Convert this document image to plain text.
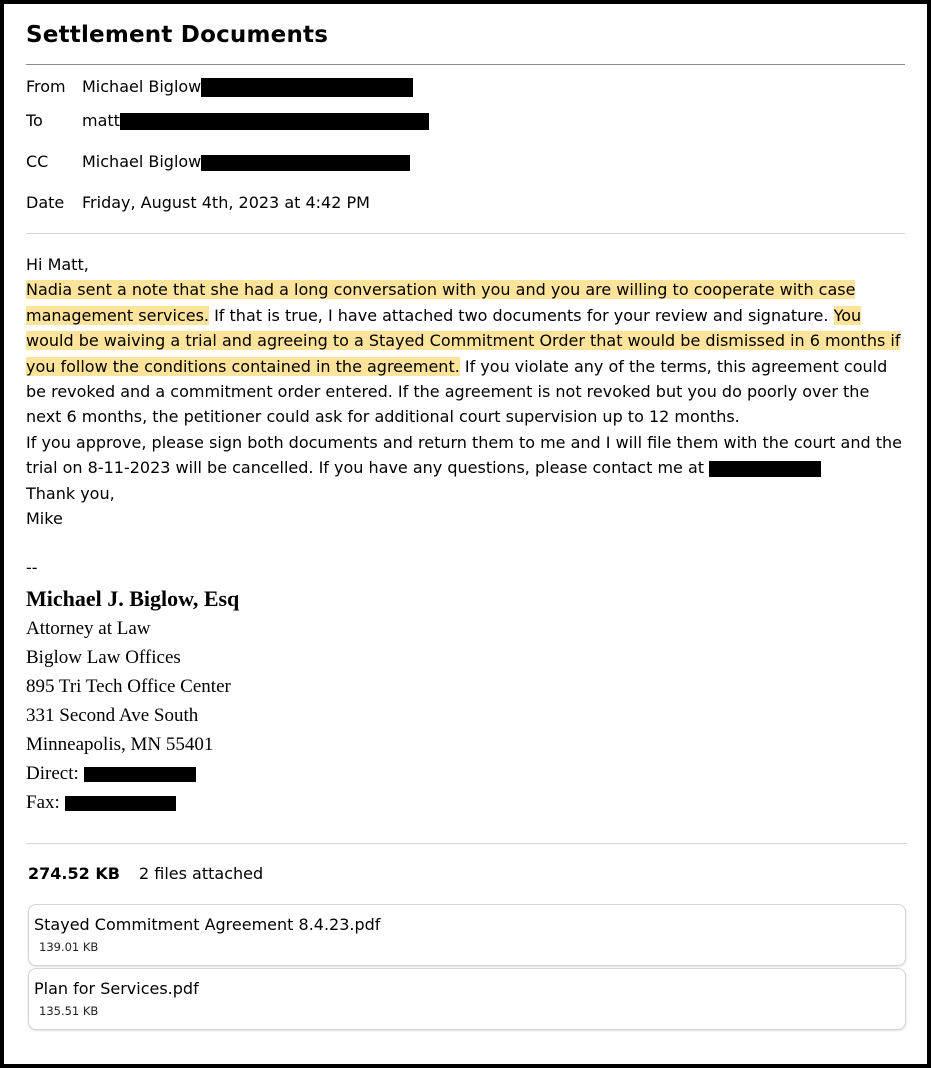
Settlement Documents
From Michael Biglow
To matt
CC Michael Biglow
Date Friday, August 4th, 2023 at 4:42 PM

Hi Matt,

Nadia sent a note that she had a long conversation with you and you are willing to cooperate with case management services. If that is true, I have attached two documents for your review and signature. You would be waiving a trial and agreeing to a Stayed Commitment Order that would be dismissed in 6 months if you follow the conditions contained in the agreement. If you violate any of the terms, this agreement could be revoked and a commitment order entered. If the agreement is not revoked but you do poorly over the next 6 months, the petitioner could ask for additional court supervision up to 12 months.

If you approve, please sign both documents and return them to me and I will file them with the court and the trial on 8-11-2023 will be cancelled. If you have any questions, please contact me at

Thank you,

Mike

--
Michael J. Biglow, Esq
Attorney at Law
Biglow Law Offices
895 Tri Tech Office Center
331 Second Ave South
Minneapolis, MN 55401
Direct:
Fax:
274.52 KB 2 files attached
Stayed Commitment Agreement 8.4.23.pdf
139.01 KB
Plan for Services.pdf
135.51 KB
